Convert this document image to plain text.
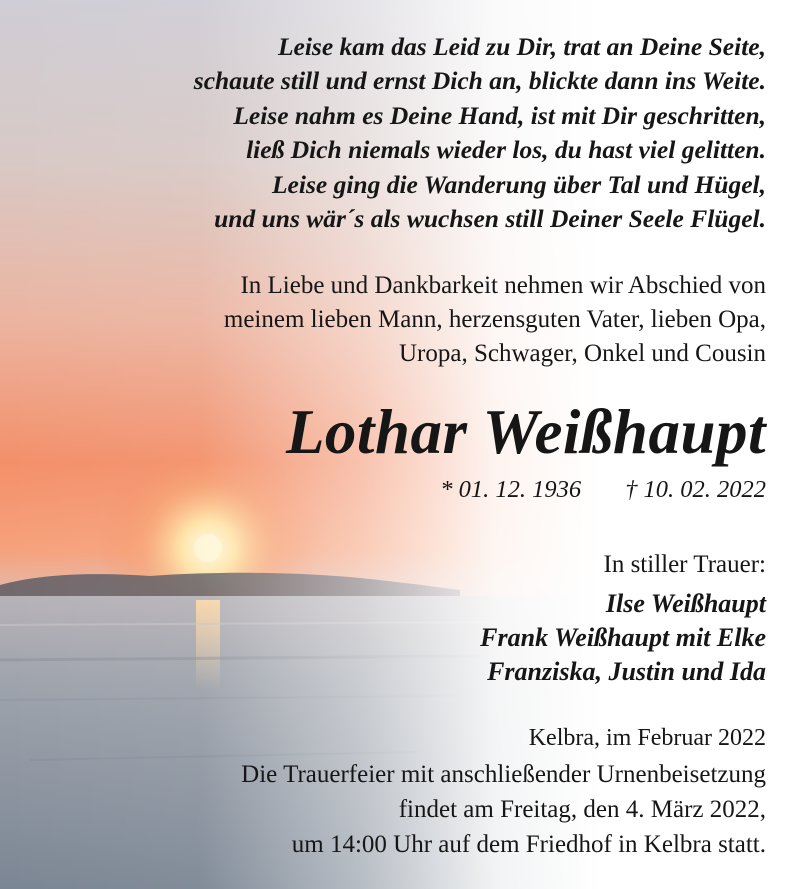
Leise kam das Leid zu Dir, trat an Deine Seite,
schaute still und ernst Dich an, blickte dann ins Weite.
Leise nahm es Deine Hand, ist mit Dir geschritten,
ließ Dich niemals wieder los, du hast viel gelitten.
Leise ging die Wanderung über Tal und Hügel,
und uns wär´s als wuchsen still Deiner Seele Flügel.
In Liebe und Dankbarkeit nehmen wir Abschied von
meinem lieben Mann, herzensguten Vater, lieben Opa,
Uropa, Schwager, Onkel und Cousin
Lothar Weißhaupt
* 01. 12. 1936 † 10. 02. 2022
In stiller Trauer:
Ilse Weißhaupt
Frank Weißhaupt mit Elke
Franziska, Justin und Ida
Kelbra, im Februar 2022
Die Trauerfeier mit anschließender Urnenbeisetzung
findet am Freitag, den 4. März 2022,
um 14:00 Uhr auf dem Friedhof in Kelbra statt.
